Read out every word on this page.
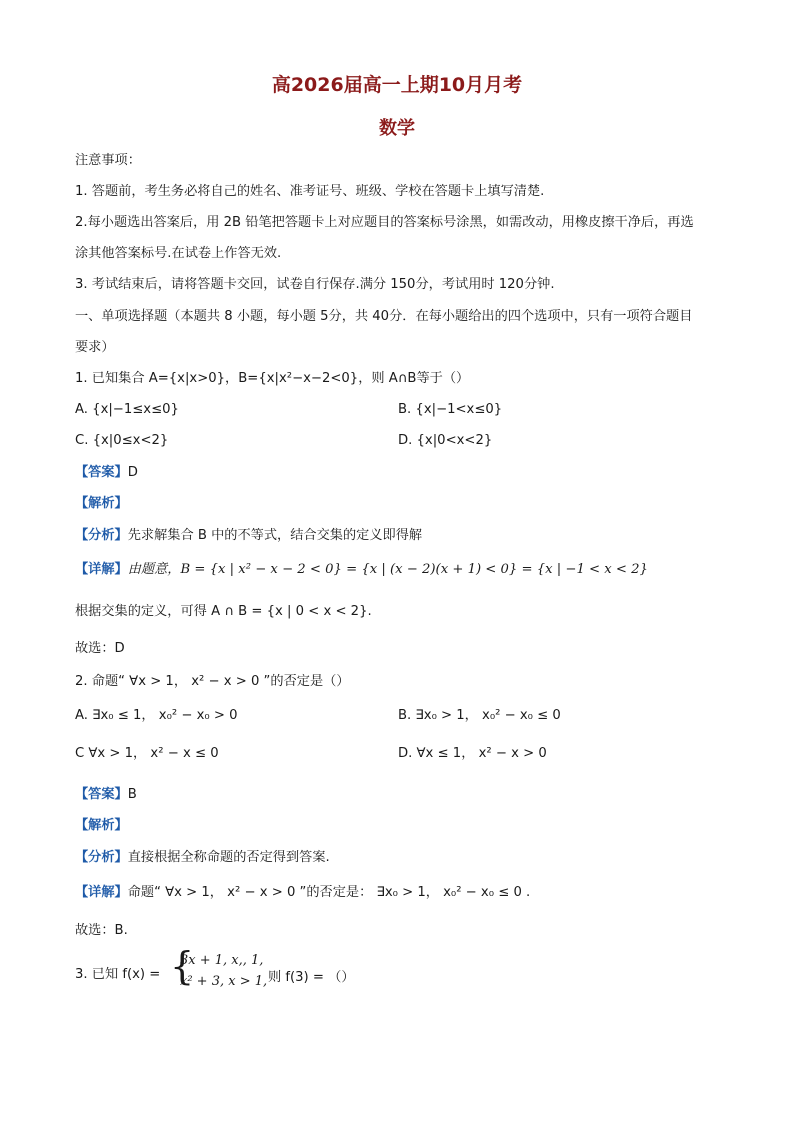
高2026届高一上期10月月考
数学
注意事项：
1. 答题前，考生务必将自己的姓名、准考证号、班级、学校在答题卡上填写清楚.
2.每小题选出答案后，用 2B 铅笔把答题卡上对应题目的答案标号涂黑，如需改动，用橡皮擦干净后，再选
涂其他答案标号.在试卷上作答无效.
3. 考试结束后，请将答题卡交回，试卷自行保存.满分 150分，考试用时 120分钟.
一、单项选择题（本题共 8 小题，每小题 5分，共 40分．在每小题给出的四个选项中，只有一项符合题目
要求）
1. 已知集合 A={x|x>0}，B={x|x²−x−2<0}，则 A∩B等于（）
A. {x|−1≤x≤0}	B. {x|−1<x≤0}
C. {x|0≤x<2}	D. {x|0<x<2}
【答案】D
【解析】
【分析】先求解集合 B 中的不等式，结合交集的定义即得解
【详解】由题意，B = {x | x² − x − 2 < 0} = {x | (x − 2)(x + 1) < 0} = {x | −1 < x < 2}
根据交集的定义，可得 A ∩ B = {x | 0 < x < 2}.
故选：D
2. 命题“ ∀x > 1， x² − x > 0 ”的否定是（）
A. ∃x₀ ≤ 1， x₀² − x₀ > 0	B. ∃x₀ > 1， x₀² − x₀ ≤ 0
C ∀x > 1， x² − x ≤ 0	D. ∀x ≤ 1， x² − x > 0
【答案】B
【解析】
【分析】直接根据全称命题的否定得到答案.
【详解】命题“ ∀x > 1， x² − x > 0 ”的否定是： ∃x₀ > 1， x₀² − x₀ ≤ 0 .
故选：B.
3. 已知 f(x) = {
3x + 1, x,, 1,
x² + 3, x > 1, 则 f(3) = （）
